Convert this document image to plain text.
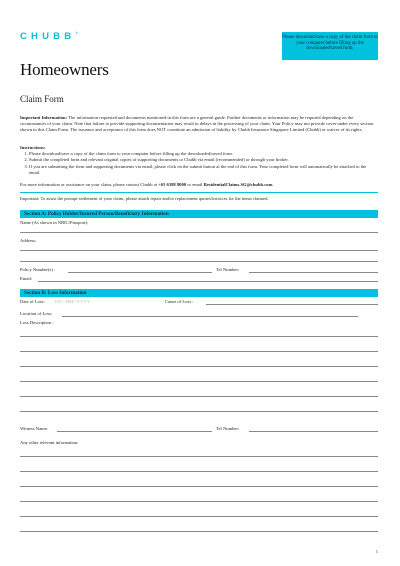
CHUBB®
Please download/save a copy of the claim form to your computer before filling up the downloaded/saved form.
Homeowners
Claim Form
Important Information: The information requested and documents mentioned in this form are a general guide. Further documents or information may be required depending on the circumstances of your claim. Note that failure to provide supporting documentation may result in delays in the processing of your claim. Your Policy may not provide cover under every section shown in this Claim Form. The issuance and acceptance of this form does NOT constitute an admission of liability by Chubb Insurance Singapore Limited (Chubb) or waiver of its rights.
Instructions:
1. Please download/save a copy of the claim form to your computer before filling up the downloaded/saved form.
2. Submit the completed form and relevant original copies of supporting documents to Chubb via email (recommended) or through your broker.
3. If you are submitting the form and supporting documents via email, please click on the submit button at the end of this form. Your completed form will automatically be attached to the email.
For more information or assistance on your claim, please contact Chubb at +65 6398 8000 or email ResidentialClaims.SG@chubb.com.
Important: To assist the prompt settlement of your claim, please attach repair and/or replacement quotes/invoices for the items claimed.
Section A: Policy Holder/Insured Person/Beneficiary Information
Name (As shown in NRIC/Passport):
Address:
Policy Number(s) :	Tel Number:
Email:
Section B: Loss Information
Date of Loss: DD / MM / YYYY	Cause of Loss :
Location of Loss:
Loss Description :
Witness Name:	Tel Number:
Any other relevant information:
1
